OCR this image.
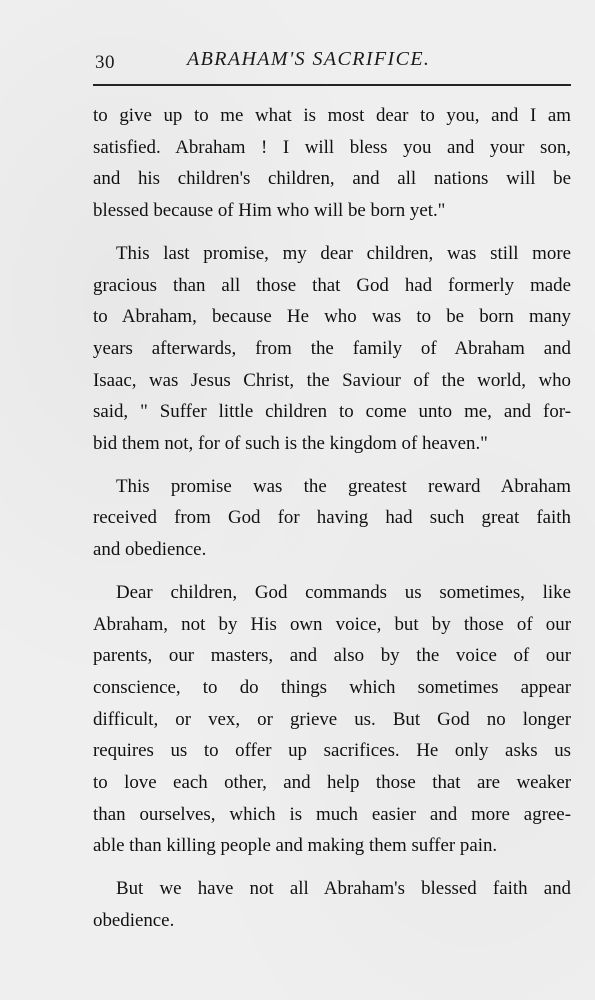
30	ABRAHAM'S SACRIFICE.
to give up to me what is most dear to you, and I am
satisfied. Abraham ! I will bless you and your son,
and his children's children, and all nations will be
blessed because of Him who will be born yet."
This last promise, my dear children, was still more
gracious than all those that God had formerly made
to Abraham, because He who was to be born many
years afterwards, from the family of Abraham and
Isaac, was Jesus Christ, the Saviour of the world, who
said, " Suffer little children to come unto me, and for-
bid them not, for of such is the kingdom of heaven."
This promise was the greatest reward Abraham
received from God for having had such great faith
and obedience.
Dear children, God commands us sometimes, like
Abraham, not by His own voice, but by those of our
parents, our masters, and also by the voice of our
conscience, to do things which sometimes appear
difficult, or vex, or grieve us. But God no longer
requires us to offer up sacrifices. He only asks us
to love each other, and help those that are weaker
than ourselves, which is much easier and more agree-
able than killing people and making them suffer pain.
But we have not all Abraham's blessed faith and
obedience.
